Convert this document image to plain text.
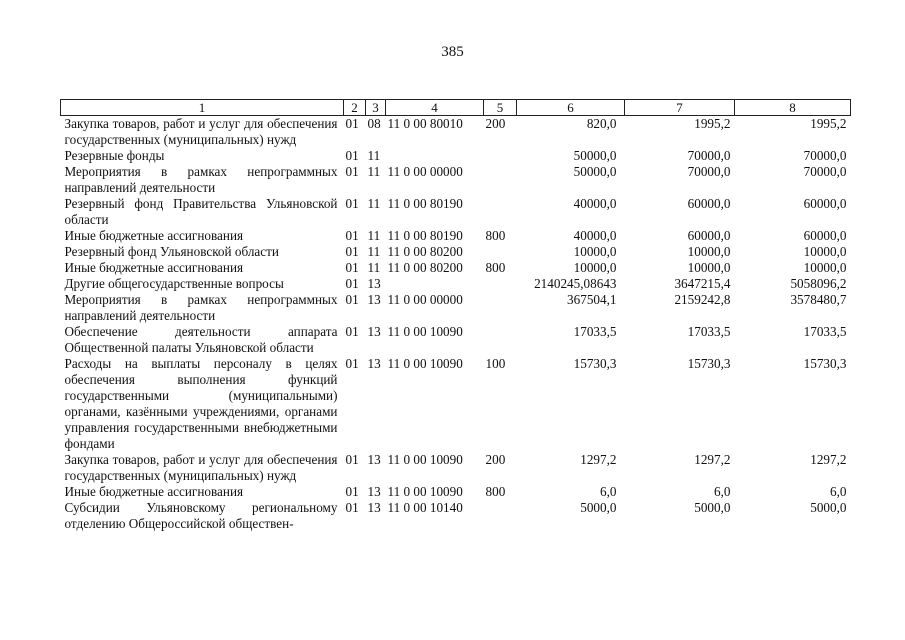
385
1	2	3	4	5	6	7	8
Закупка товаров, работ и услуг для обеспечения государственных (муниципальных) нужд	01	08	11 0 00 80010	200	820,0	1995,2	1995,2
Резервные фонды	01	11			50000,0	70000,0	70000,0
Мероприятия в рамках непрограммных направлений деятельности	01	11	11 0 00 00000		50000,0	70000,0	70000,0
Резервный фонд Правительства Ульяновской области	01	11	11 0 00 80190		40000,0	60000,0	60000,0
Иные бюджетные ассигнования	01	11	11 0 00 80190	800	40000,0	60000,0	60000,0
Резервный фонд Ульяновской области	01	11	11 0 00 80200		10000,0	10000,0	10000,0
Иные бюджетные ассигнования	01	11	11 0 00 80200	800	10000,0	10000,0	10000,0
Другие общегосударственные вопросы	01	13			2140245,08643	3647215,4	5058096,2
Мероприятия в рамках непрограммных направлений деятельности	01	13	11 0 00 00000		367504,1	2159242,8	3578480,7
Обеспечение деятельности аппарата Общественной палаты Ульяновской области	01	13	11 0 00 10090		17033,5	17033,5	17033,5
Расходы на выплаты персоналу в целях обеспечения выполнения функций государственными (муниципальными) органами, казёнными учреждениями, органами управления государственными внебюджетными фондами	01	13	11 0 00 10090	100	15730,3	15730,3	15730,3
Закупка товаров, работ и услуг для обеспечения государственных (муниципальных) нужд	01	13	11 0 00 10090	200	1297,2	1297,2	1297,2
Иные бюджетные ассигнования	01	13	11 0 00 10090	800	6,0	6,0	6,0
Субсидии Ульяновскому региональному отделению Общероссийской обществен-	01	13	11 0 00 10140		5000,0	5000,0	5000,0
